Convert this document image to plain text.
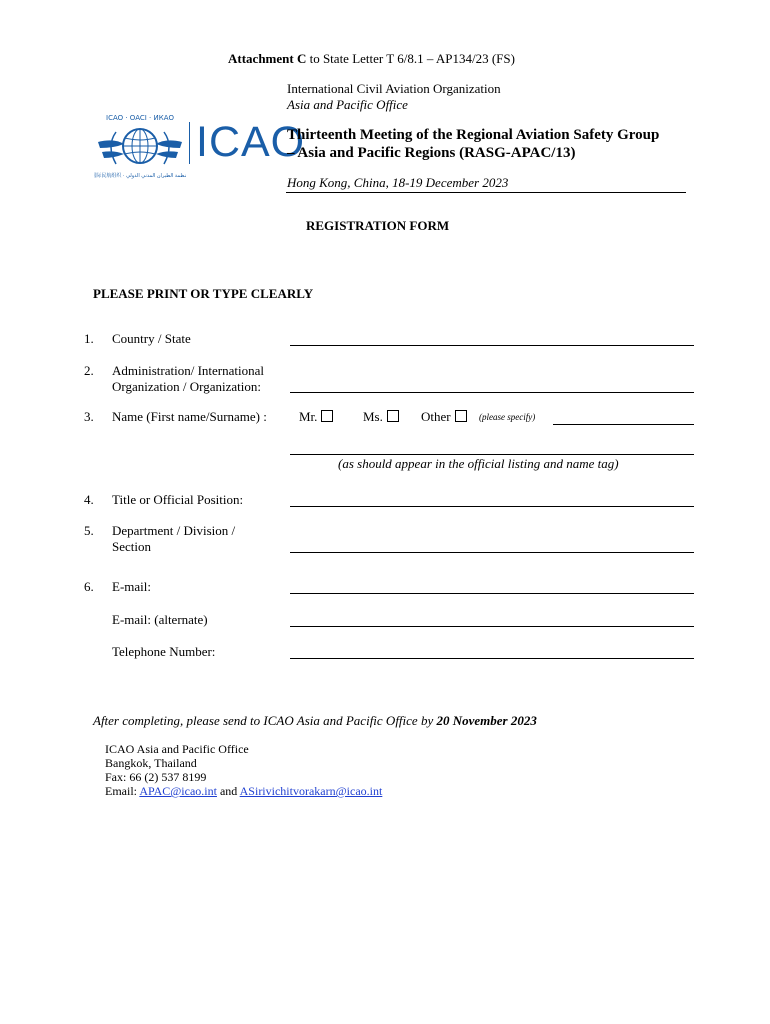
Attachment C to State Letter T 6/8.1 – AP134/23 (FS)
International Civil Aviation Organization
Asia and Pacific Office
ICAO · OACI · ИКАО
国际民航组织 · منظمة الطيران المدني الدولي
ICAO
Thirteenth Meeting of the Regional Aviation Safety Group
– Asia and Pacific Regions (RASG-APAC/13)
Hong Kong, China, 18-19 December 2023
REGISTRATION FORM
PLEASE PRINT OR TYPE CLEARLY
1. Country / State
2. Administration/ International
Organization / Organization:
3. Name (First name/Surname) : Mr.	Ms.	Other	(please specify)
(as should appear in the official listing and name tag)
4. Title or Official Position:
5. Department / Division /
Section
6. E-mail:
E-mail: (alternate)
Telephone Number:
After completing, please send to ICAO Asia and Pacific Office by 20 November 2023
ICAO Asia and Pacific Office
Bangkok, Thailand
Fax: 66 (2) 537 8199
Email: APAC@icao.int and ASirivichitvorakarn@icao.int
